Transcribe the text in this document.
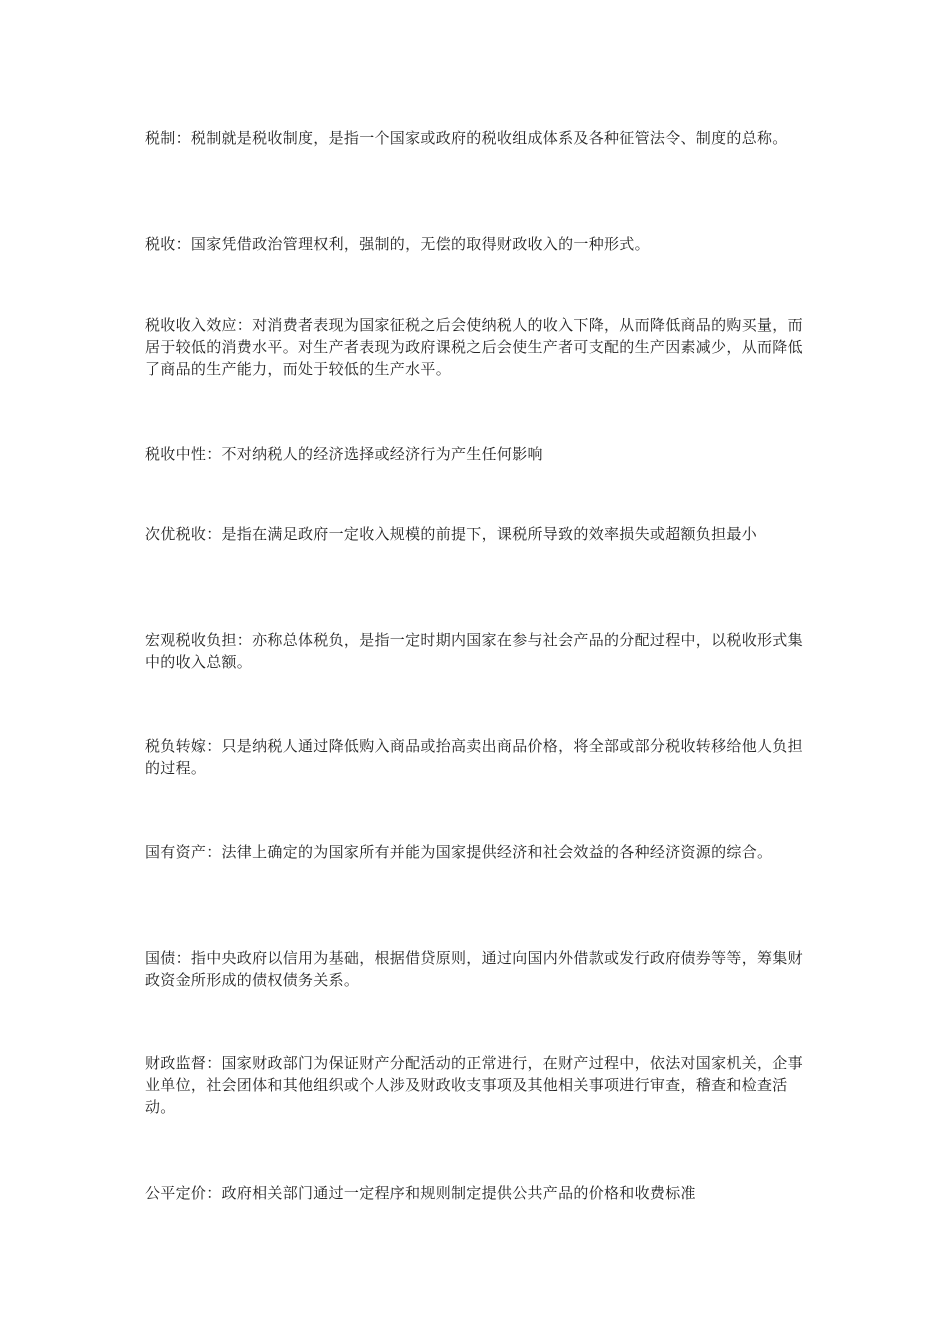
税制：税制就是税收制度，是指一个国家或政府的税收组成体系及各种征管法令、制度的总称。

税收：国家凭借政治管理权利，强制的，无偿的取得财政收入的一种形式。

税收收入效应：对消费者表现为国家征税之后会使纳税人的收入下降，从而降低商品的购买量，而居于较低的消费水平。对生产者表现为政府课税之后会使生产者可支配的生产因素减少，从而降低了商品的生产能力，而处于较低的生产水平。

税收中性：不对纳税人的经济选择或经济行为产生任何影响

次优税收：是指在满足政府一定收入规模的前提下，课税所导致的效率损失或超额负担最小

宏观税收负担：亦称总体税负，是指一定时期内国家在参与社会产品的分配过程中，以税收形式集中的收入总额。

税负转嫁：只是纳税人通过降低购入商品或抬高卖出商品价格，将全部或部分税收转移给他人负担的过程。

国有资产：法律上确定的为国家所有并能为国家提供经济和社会效益的各种经济资源的综合。

国债：指中央政府以信用为基础，根据借贷原则，通过向国内外借款或发行政府债券等等，筹集财政资金所形成的债权债务关系。

财政监督：国家财政部门为保证财产分配活动的正常进行，在财产过程中，依法对国家机关，企事业单位，社会团体和其他组织或个人涉及财政收支事项及其他相关事项进行审查，稽查和检查活动。

公平定价：政府相关部门通过一定程序和规则制定提供公共产品的价格和收费标准
